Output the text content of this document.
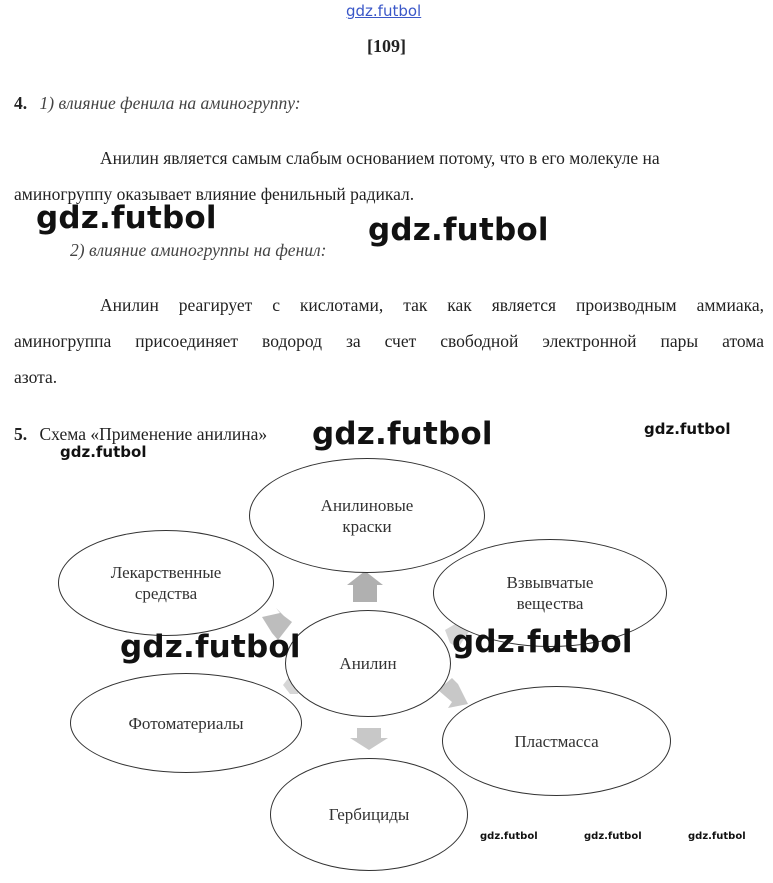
gdz.futbol
[109]
4. 1) влияние фенила на аминогруппу:
Анилин является самым слабым основанием потому, что в его молекуле на
аминогруппу оказывает влияние фенильный радикал.
2) влияние аминогруппы на фенил:
Анилин реагирует с кислотами, так как является производным аммиака,
аминогруппа присоединяет водород за счет свободной электронной пары атома
азота.
5. Схема «Применение анилина»
Анилиновые
краски
Лекарственные
средства
Взвывчатые
вещества
Анилин
Фотоматериалы
Пластмасса
Гербициды
gdz.futbol	gdz.futbol
gdz.futbol	gdz.futbol
gdz.futbol
gdz.futbol	gdz.futbol
gdz.futbol	gdz.futbol	gdz.futbol
